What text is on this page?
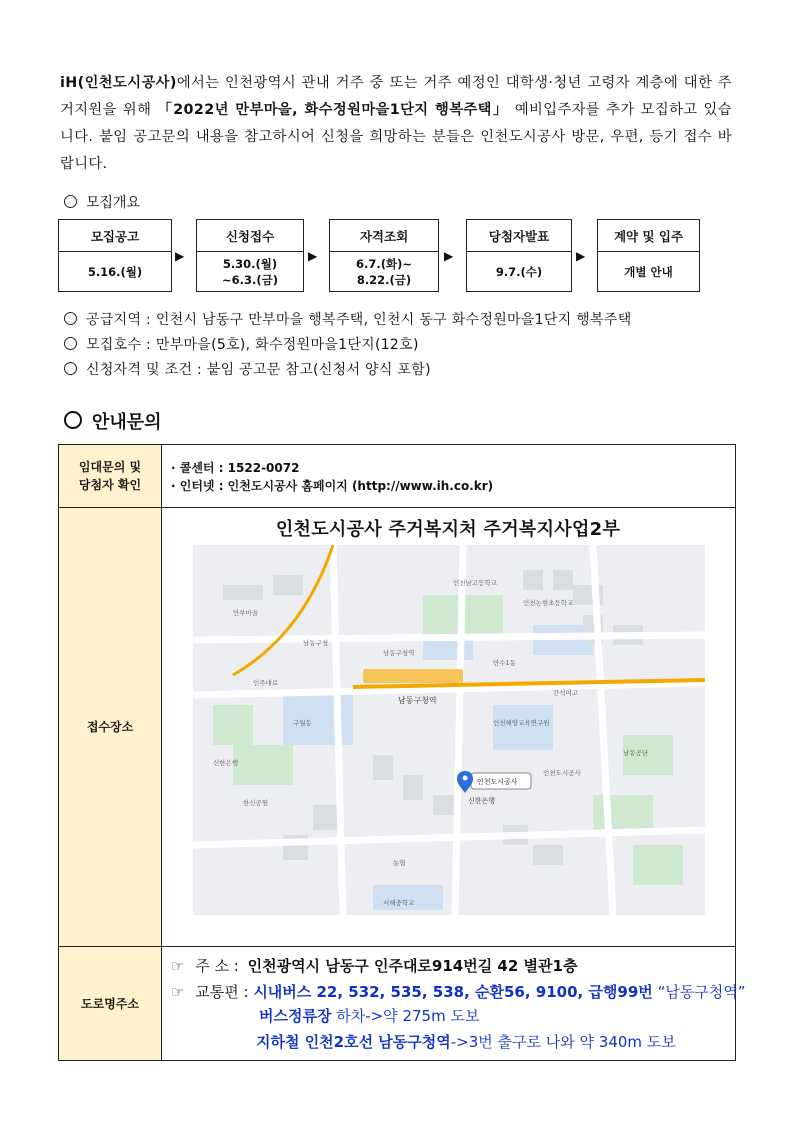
iH(인천도시공사)에서는 인천광역시 관내 거주 중 또는 거주 예정인 대학생·청년 고령자 계층에 대한 주거지원을 위해 「2022년 만부마을, 화수정원마을1단지 행복주택」 예비입주자를 추가 모집하고 있습니다. 붙임 공고문의 내용을 참고하시어 신청을 희망하는 분들은 인천도시공사 방문, 우편, 등기 접수 바랍니다.
모집개요
모집공고
5.16.(월)
▶
신청접수
5.30.(월)
~6.3.(금)
▶
자격조회
6.7.(화)~
8.22.(금)
▶
당첨자발표
9.7.(수)
▶
계약 및 입주
개별 안내
공급지역 : 인천시 남동구 만부마을 행복주택, 인천시 동구 화수정원마을1단지 행복주택
모집호수 : 만부마을(5호), 화수정원마을1단지(12호)
신청자격 및 조건 : 붙임 공고문 참고(신청서 양식 포함)
안내문의
임대문의 및
당첨자 확인
· 콜센터 : 1522-0072
· 인터넷 : 인천도시공사 홈페이지 (http://www.ih.co.kr)
접수장소
인천도시공사 주거복지처 주거복지사업2부
남동구청역
신한은행
만부마을
인천남고등학교
인천논현초등학교
남동구청
인주대로
인천해양교육연구원
남동구청역
구월동
신한은행
한신공원
인천도시공사
만수1동
간석여고
남동공단
농협
서해중학교
인천도시공사
도로명주소
☞ 주 소 : 인천광역시 남동구 인주대로914번길 42 별관1층
☞ 교통편 : 시내버스 22, 532, 535, 538, 순환56, 9100, 급행99번 “남동구청역”
버스정류장 하차->약 275m 도보
지하철 인천2호선 남동구청역->3번 출구로 나와 약 340m 도보
